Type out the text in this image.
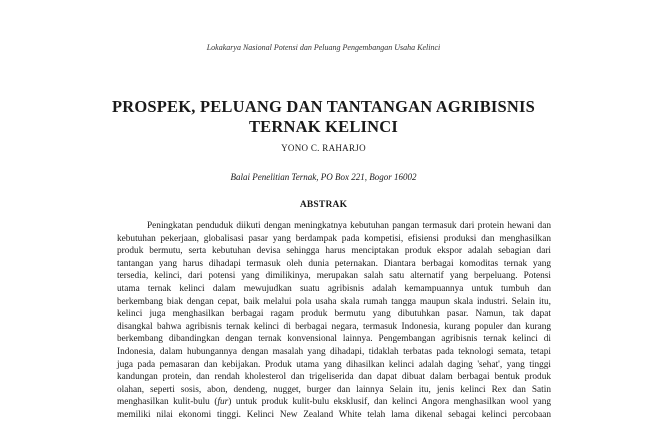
Lokakarya Nasional Potensi dan Peluang Pengembangan Usaha Kelinci
PROSPEK, PELUANG DAN TANTANGAN AGRIBISNIS
TERNAK KELINCI
YONO C. RAHARJO
Balai Penelitian Ternak, PO Box 221, Bogor 16002
ABSTRAK
Peningkatan penduduk diikuti dengan meningkatnya kebutuhan pangan termasuk dari protein hewani dan
kebutuhan pekerjaan, globalisasi pasar yang berdampak pada kompetisi, efisiensi produksi dan menghasilkan
produk bermutu, serta kebutuhan devisa sehingga harus menciptakan produk ekspor adalah sebagian dari
tantangan yang harus dihadapi termasuk oleh dunia peternakan. Diantara berbagai komoditas ternak yang
tersedia, kelinci, dari potensi yang dimilikinya, merupakan salah satu alternatif yang berpeluang. Potensi
utama ternak kelinci dalam mewujudkan suatu agribisnis adalah kemampuannya untuk tumbuh dan
berkembang biak dengan cepat, baik melalui pola usaha skala rumah tangga maupun skala industri. Selain itu,
kelinci juga menghasilkan berbagai ragam produk bermutu yang dibutuhkan pasar. Namun, tak dapat
disangkal bahwa agribisnis ternak kelinci di berbagai negara, termasuk Indonesia, kurang populer dan kurang
berkembang dibandingkan dengan ternak konvensional lainnya. Pengembangan agribisnis ternak kelinci di
Indonesia, dalam hubungannya dengan masalah yang dihadapi, tidaklah terbatas pada teknologi semata, tetapi
juga pada pemasaran dan kebijakan. Produk utama yang dihasilkan kelinci adalah daging 'sehat', yang tinggi
kandungan protein, dan rendah kholesterol dan trigeliserida dan dapat dibuat dalam berbagai bentuk produk
olahan, seperti sosis, abon, dendeng, nugget, burger dan lainnya Selain itu, jenis kelinci Rex dan Satin
menghasilkan kulit-bulu (fur) untuk produk kulit-bulu eksklusif, dan kelinci Angora menghasilkan wool yang
memiliki nilai ekonomi tinggi. Kelinci New Zealand White telah lama dikenal sebagai kelinci percobaan
